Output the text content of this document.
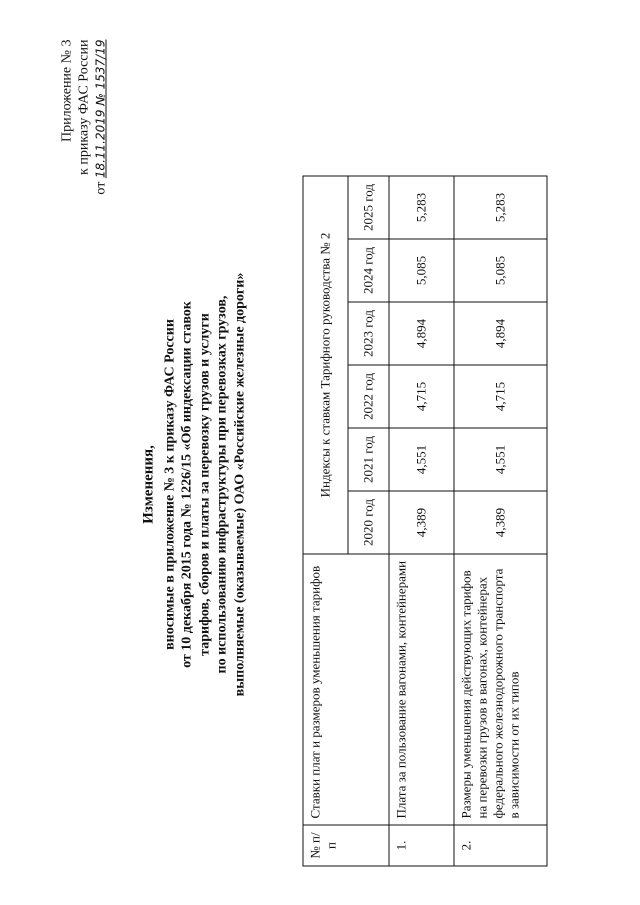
Приложение № 3 к приказу ФАС России
от 18.11.2019 № 1537/19
Изменения, вносимые в приложение № 3 к приказу ФАС России от 10 декабря 2015 года № 1226/15 «Об индексации ставок тарифов, сборов и платы за перевозку грузов и услуги по использованию инфраструктуры при перевозках грузов, выполняемые (оказываемые) ОАО «Российские железные дороги»
№ п/п	Ставки плат и размеров уменьшения тарифов	Индексы к ставкам Тарифного руководства № 2					
		2020 год	2021 год	2022 год	2023 год	2024 год	2025 год
1.	Плата за пользование вагонами, контейнерами	4,389	4,551	4,715	4,894	5,085	5,283
2.	Размеры уменьшения действующих тарифов на перевозки грузов в вагонах, контейнерах федерального железнодорожного транспорта в зависимости от их типов	4,389	4,551	4,715	4,894	5,085	5,283
